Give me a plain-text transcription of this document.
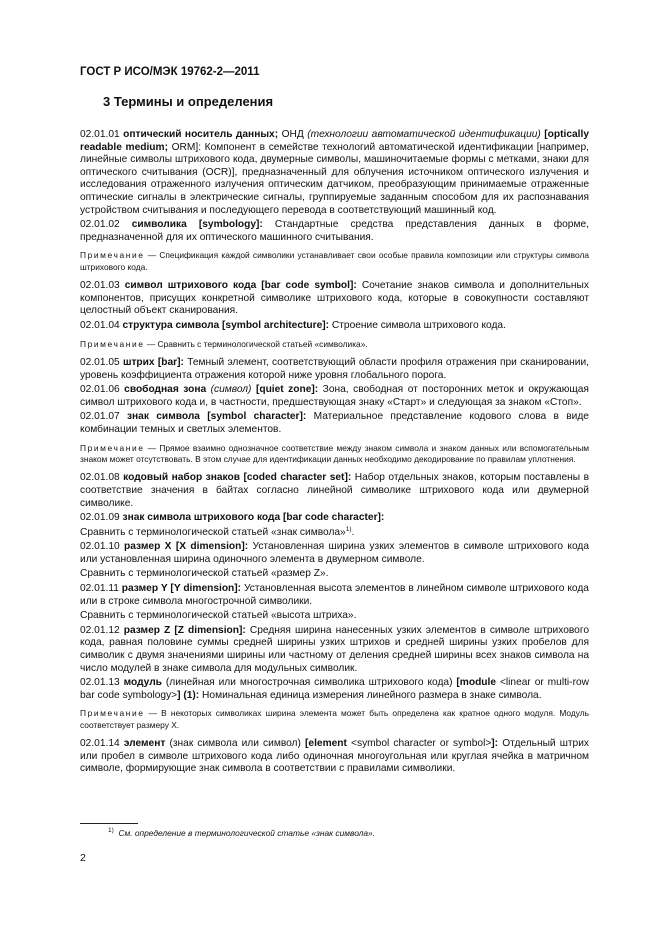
ГОСТ Р ИСО/МЭК 19762-2—2011
3 Термины и определения

02.01.01 оптический носитель данных; ОНД (технологии автоматической идентификации) [optically readable medium; ORM]: Компонент в семействе технологий автоматической идентификации [например, линейные символы штрихового кода, двумерные символы, машиночитаемые формы с метками, знаки для оптического считывания (OCR)], предназначенный для облучения источником оптического излучения и исследования отраженного излучения оптическим датчиком, преобразующим принимаемые отраженные оптические сигналы в электрические сигналы, группируемые заданным способом для их распознавания устройством считывания и последующего перевода в соответствующий машинный код.

02.01.02 символика [symbology]: Стандартные средства представления данных в форме, предназначенной для их оптического машинного считывания.

Примечание — Спецификация каждой символики устанавливает свои особые правила композиции или структуры символа штрихового кода.

02.01.03 символ штрихового кода [bar code symbol]: Сочетание знаков символа и дополнительных компонентов, присущих конкретной символике штрихового кода, которые в совокупности составляют целостный объект сканирования.

02.01.04 структура символа [symbol architecture]: Строение символа штрихового кода.

Примечание — Сравнить с терминологической статьей «символика».

02.01.05 штрих [bar]: Темный элемент, соответствующий области профиля отражения при сканировании, уровень коэффициента отражения которой ниже уровня глобального порога.

02.01.06 свободная зона (символ) [quiet zone]: Зона, свободная от посторонних меток и окружающая символ штрихового кода и, в частности, предшествующая знаку «Старт» и следующая за знаком «Стоп».

02.01.07 знак символа [symbol character]: Материальное представление кодового слова в виде комбинации темных и светлых элементов.

Примечание — Прямое взаимно однозначное соответствие между знаком символа и знаком данных или вспомогательным знаком может отсутствовать. В этом случае для идентификации данных необходимо декодирование по правилам уплотнения.

02.01.08 кодовый набор знаков [coded character set]: Набор отдельных знаков, которым поставлены в соответствие значения в байтах согласно линейной символике штрихового кода или двумерной символике.

02.01.09 знак символа штрихового кода [bar code character]:

Сравнить с терминологической статьей «знак символа»$^{1)}$.

02.01.10 размер X [X dimension]: Установленная ширина узких элементов в символе штрихового кода или установленная ширина одиночного элемента в двумерном символе.

Сравнить с терминологической статьей «размер Z».

02.01.11 размер Y [Y dimension]: Установленная высота элементов в линейном символе штрихового кода или в строке символа многострочной символики.

Сравнить с терминологической статьей «высота штриха».

02.01.12 размер Z [Z dimension]: Средняя ширина нанесенных узких элементов в символе штрихового кода, равная половине суммы средней ширины узких штрихов и средней ширины узких пробелов для символик с двумя значениями ширины или частному от деления средней ширины всех знаков символа на число модулей в знаке символа для модульных символик.

02.01.13 модуль (линейная или многострочная символика штрихового кода) [module <linear or multi-row bar code symbology>] (1): Номинальная единица измерения линейного размера в знаке символа.

Примечание — В некоторых символиках ширина элемента может быть определена как кратное одного модуля. Модуль соответствует размеру X.

02.01.14 элемент (знак символа или символ) [element <symbol character or symbol>]: Отдельный штрих или пробел в символе штрихового кода либо одиночная многоугольная или круглая ячейка в матричном символе, формирующие знак символа в соответствии с правилами символики.

$^{1)}$ См. определение в терминологической статье «знак символа».
2
